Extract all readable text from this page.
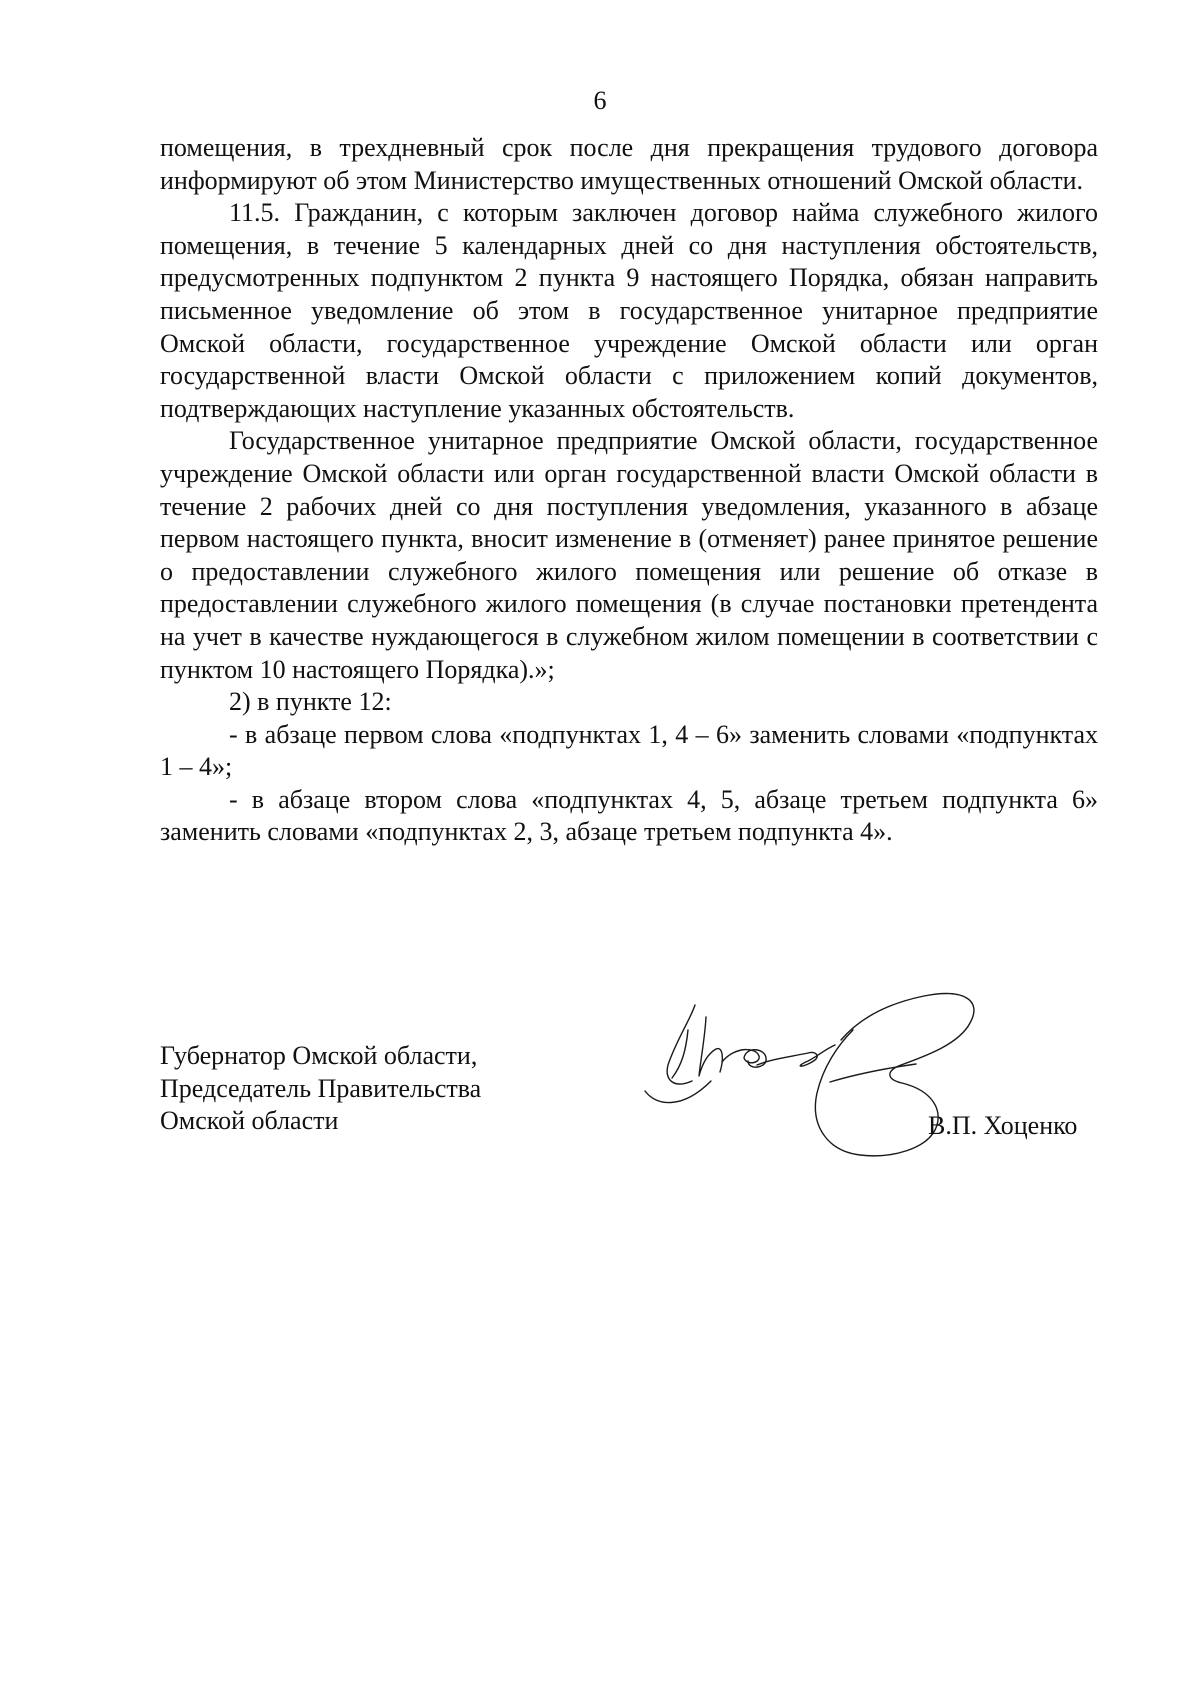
6

помещения, в трехдневный срок после дня прекращения трудового договора информируют об этом Министерство имущественных отношений Омской области.

11.5. Гражданин, с которым заключен договор найма служебного жилого помещения, в течение 5 календарных дней со дня наступления обстоятельств, предусмотренных подпунктом 2 пункта 9 настоящего Порядка, обязан направить письменное уведомление об этом в государственное унитарное предприятие Омской области, государственное учреждение Омской области или орган государственной власти Омской области с приложением копий документов, подтверждающих наступление указанных обстоятельств.

Государственное унитарное предприятие Омской области, государственное учреждение Омской области или орган государственной власти Омской области в течение 2 рабочих дней со дня поступления уведомления, указанного в абзаце первом настоящего пункта, вносит изменение в (отменяет) ранее принятое решение о предоставлении служебного жилого помещения или решение об отказе в предоставлении служебного жилого помещения (в случае постановки претендента на учет в качестве нуждающегося в служебном жилом помещении в соответствии с пунктом 10 настоящего Порядка).»;

2) в пункте 12:

- в абзаце первом слова «подпунктах 1, 4 – 6» заменить словами «подпунктах 1 – 4»;

- в абзаце втором слова «подпунктах 4, 5, абзаце третьем подпункта 6» заменить словами «подпунктах 2, 3, абзаце третьем подпункта 4».

Губернатор Омской области,
Председатель Правительства
Омской области	В.П. Хоценко
